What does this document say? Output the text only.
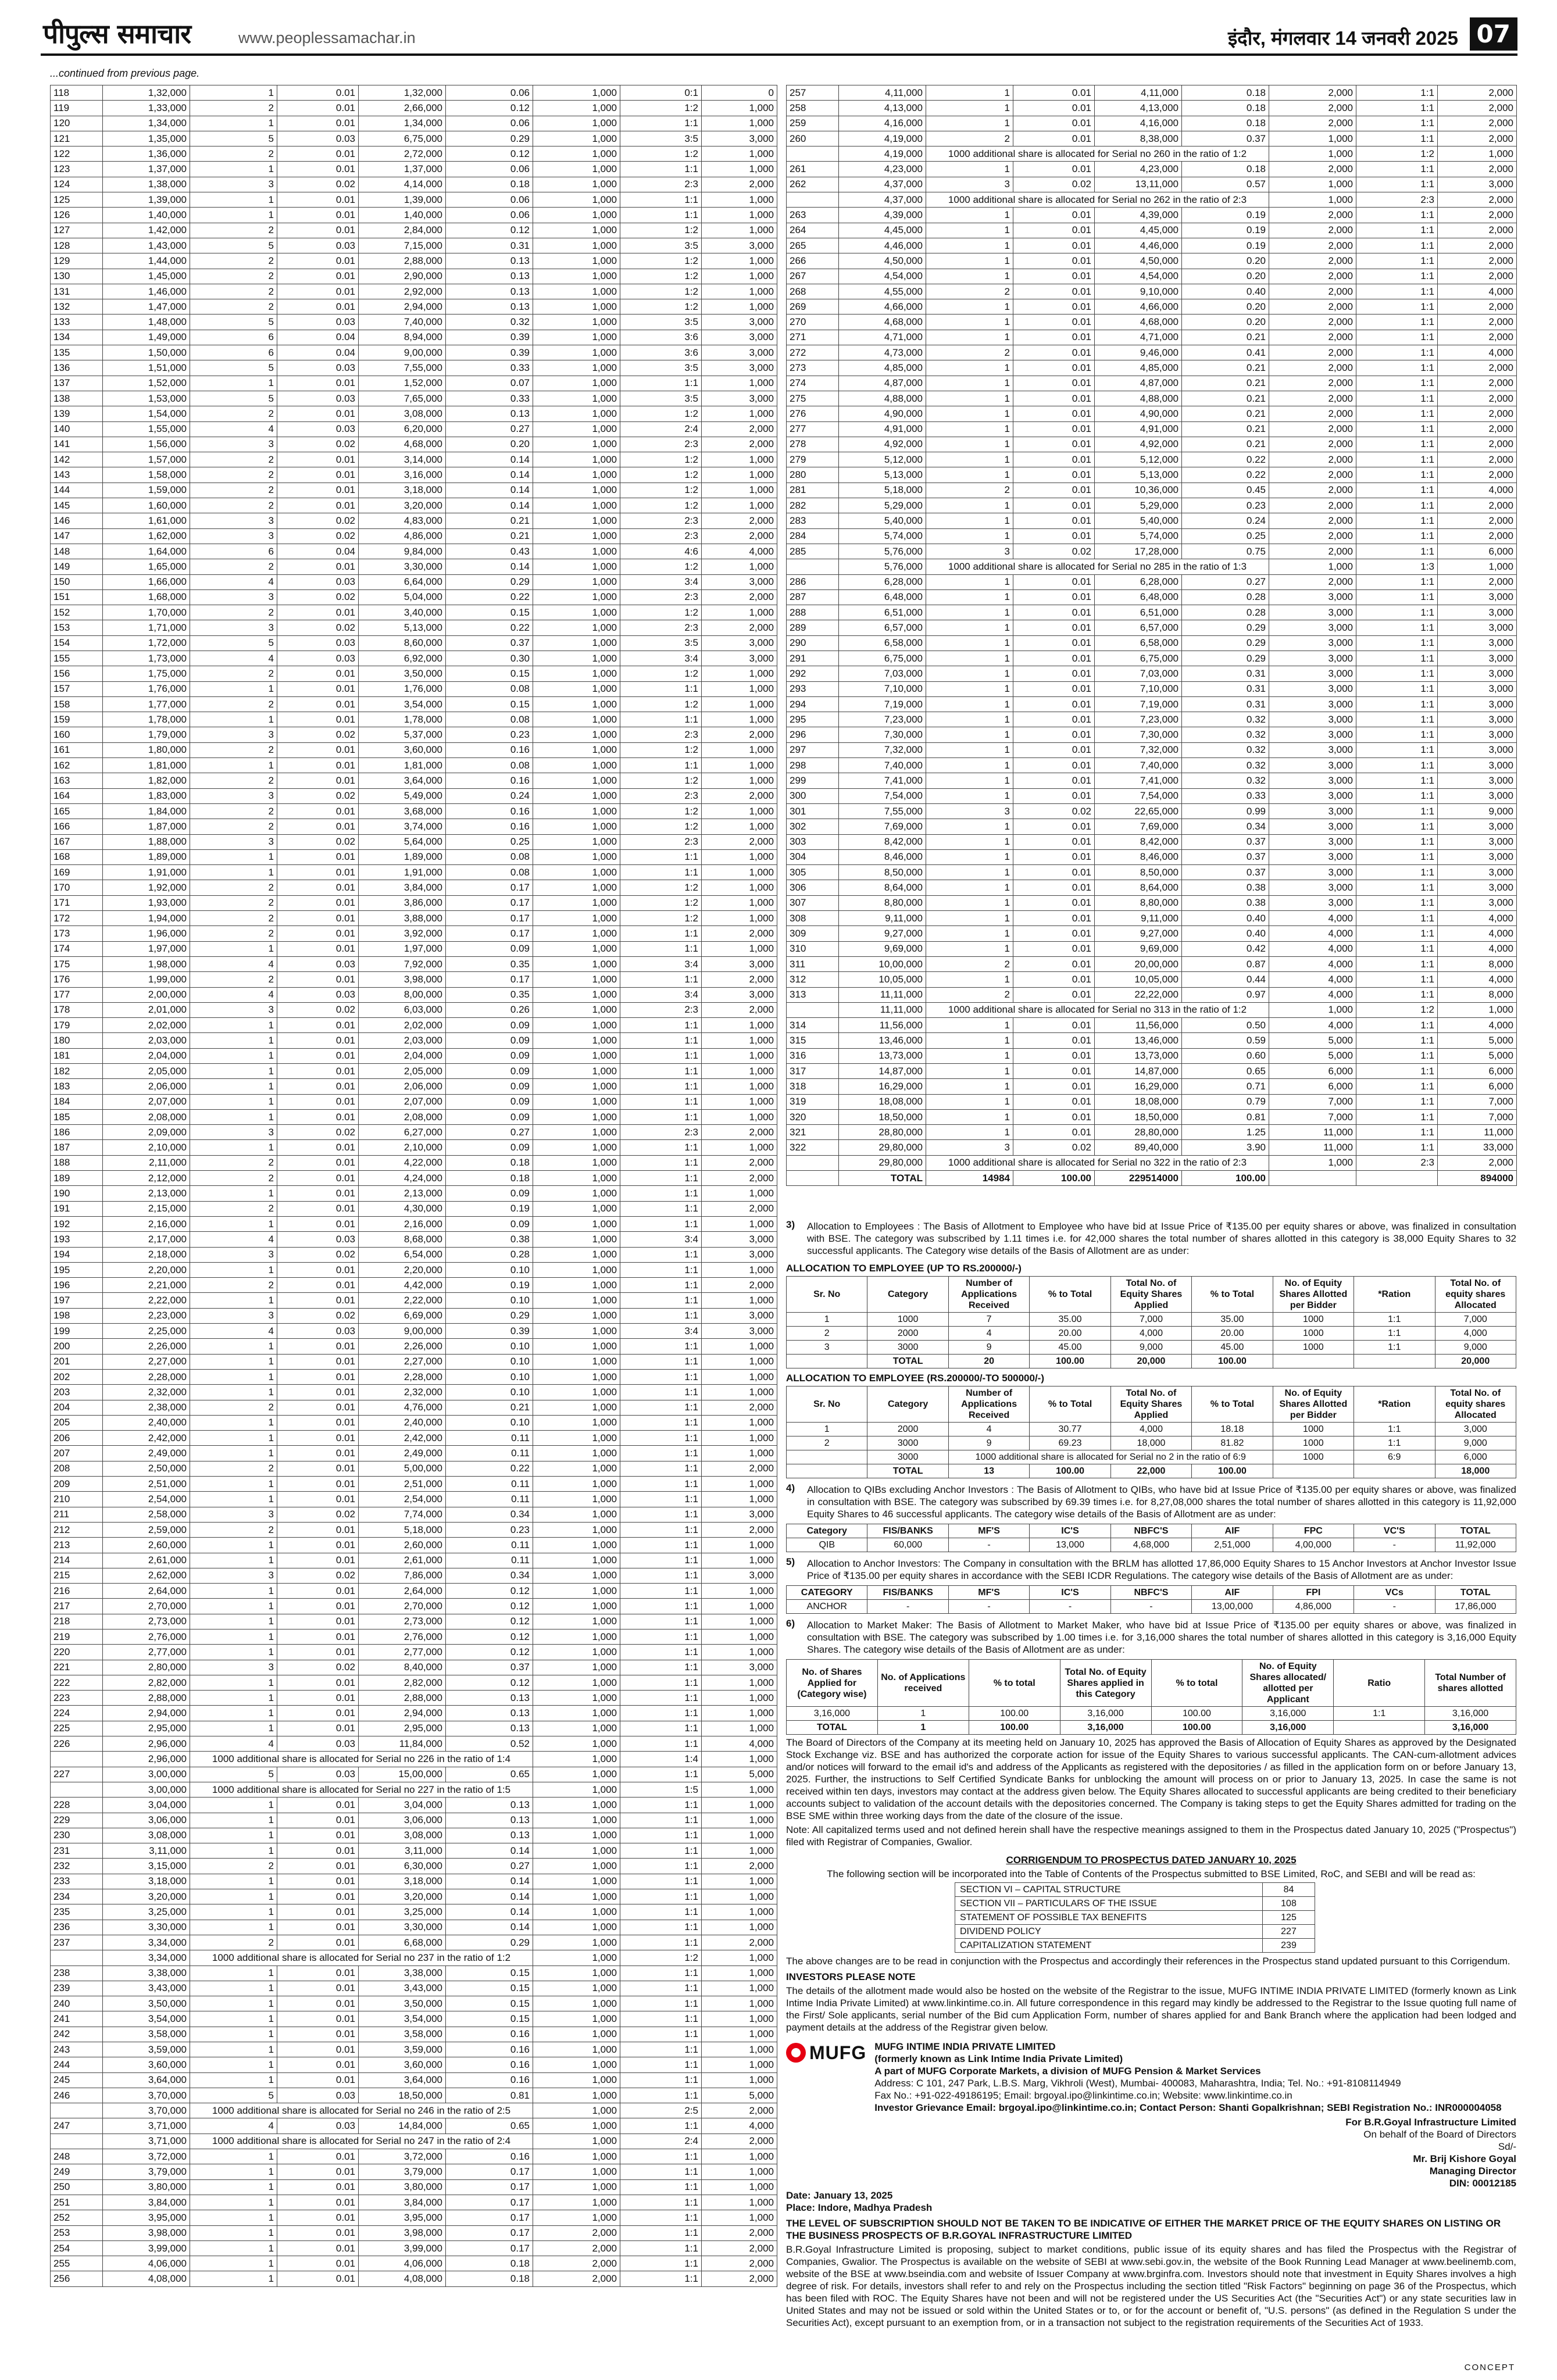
पीपुल्स समाचार	www.peoplessamachar.in	इंदौर, मंगलवार 14 जनवरी 2025 07
...continued from previous page.
118	1,32,000	1	0.01	1,32,000	0.06	1,000	0:1	0
119	1,33,000	2	0.01	2,66,000	0.12	1,000	1:2	1,000
120	1,34,000	1	0.01	1,34,000	0.06	1,000	1:1	1,000
121	1,35,000	5	0.03	6,75,000	0.29	1,000	3:5	3,000
122	1,36,000	2	0.01	2,72,000	0.12	1,000	1:2	1,000
123	1,37,000	1	0.01	1,37,000	0.06	1,000	1:1	1,000
124	1,38,000	3	0.02	4,14,000	0.18	1,000	2:3	2,000
125	1,39,000	1	0.01	1,39,000	0.06	1,000	1:1	1,000
126	1,40,000	1	0.01	1,40,000	0.06	1,000	1:1	1,000
127	1,42,000	2	0.01	2,84,000	0.12	1,000	1:2	1,000
128	1,43,000	5	0.03	7,15,000	0.31	1,000	3:5	3,000
129	1,44,000	2	0.01	2,88,000	0.13	1,000	1:2	1,000
130	1,45,000	2	0.01	2,90,000	0.13	1,000	1:2	1,000
131	1,46,000	2	0.01	2,92,000	0.13	1,000	1:2	1,000
132	1,47,000	2	0.01	2,94,000	0.13	1,000	1:2	1,000
133	1,48,000	5	0.03	7,40,000	0.32	1,000	3:5	3,000
134	1,49,000	6	0.04	8,94,000	0.39	1,000	3:6	3,000
135	1,50,000	6	0.04	9,00,000	0.39	1,000	3:6	3,000
136	1,51,000	5	0.03	7,55,000	0.33	1,000	3:5	3,000
137	1,52,000	1	0.01	1,52,000	0.07	1,000	1:1	1,000
138	1,53,000	5	0.03	7,65,000	0.33	1,000	3:5	3,000
139	1,54,000	2	0.01	3,08,000	0.13	1,000	1:2	1,000
140	1,55,000	4	0.03	6,20,000	0.27	1,000	2:4	2,000
141	1,56,000	3	0.02	4,68,000	0.20	1,000	2:3	2,000
142	1,57,000	2	0.01	3,14,000	0.14	1,000	1:2	1,000
143	1,58,000	2	0.01	3,16,000	0.14	1,000	1:2	1,000
144	1,59,000	2	0.01	3,18,000	0.14	1,000	1:2	1,000
145	1,60,000	2	0.01	3,20,000	0.14	1,000	1:2	1,000
146	1,61,000	3	0.02	4,83,000	0.21	1,000	2:3	2,000
147	1,62,000	3	0.02	4,86,000	0.21	1,000	2:3	2,000
148	1,64,000	6	0.04	9,84,000	0.43	1,000	4:6	4,000
149	1,65,000	2	0.01	3,30,000	0.14	1,000	1:2	1,000
150	1,66,000	4	0.03	6,64,000	0.29	1,000	3:4	3,000
151	1,68,000	3	0.02	5,04,000	0.22	1,000	2:3	2,000
152	1,70,000	2	0.01	3,40,000	0.15	1,000	1:2	1,000
153	1,71,000	3	0.02	5,13,000	0.22	1,000	2:3	2,000
154	1,72,000	5	0.03	8,60,000	0.37	1,000	3:5	3,000
155	1,73,000	4	0.03	6,92,000	0.30	1,000	3:4	3,000
156	1,75,000	2	0.01	3,50,000	0.15	1,000	1:2	1,000
157	1,76,000	1	0.01	1,76,000	0.08	1,000	1:1	1,000
158	1,77,000	2	0.01	3,54,000	0.15	1,000	1:2	1,000
159	1,78,000	1	0.01	1,78,000	0.08	1,000	1:1	1,000
160	1,79,000	3	0.02	5,37,000	0.23	1,000	2:3	2,000
161	1,80,000	2	0.01	3,60,000	0.16	1,000	1:2	1,000
162	1,81,000	1	0.01	1,81,000	0.08	1,000	1:1	1,000
163	1,82,000	2	0.01	3,64,000	0.16	1,000	1:2	1,000
164	1,83,000	3	0.02	5,49,000	0.24	1,000	2:3	2,000
165	1,84,000	2	0.01	3,68,000	0.16	1,000	1:2	1,000
166	1,87,000	2	0.01	3,74,000	0.16	1,000	1:2	1,000
167	1,88,000	3	0.02	5,64,000	0.25	1,000	2:3	2,000
168	1,89,000	1	0.01	1,89,000	0.08	1,000	1:1	1,000
169	1,91,000	1	0.01	1,91,000	0.08	1,000	1:1	1,000
170	1,92,000	2	0.01	3,84,000	0.17	1,000	1:2	1,000
171	1,93,000	2	0.01	3,86,000	0.17	1,000	1:2	1,000
172	1,94,000	2	0.01	3,88,000	0.17	1,000	1:2	1,000
173	1,96,000	2	0.01	3,92,000	0.17	1,000	1:1	2,000
174	1,97,000	1	0.01	1,97,000	0.09	1,000	1:1	1,000
175	1,98,000	4	0.03	7,92,000	0.35	1,000	3:4	3,000
176	1,99,000	2	0.01	3,98,000	0.17	1,000	1:1	2,000
177	2,00,000	4	0.03	8,00,000	0.35	1,000	3:4	3,000
178	2,01,000	3	0.02	6,03,000	0.26	1,000	2:3	2,000
179	2,02,000	1	0.01	2,02,000	0.09	1,000	1:1	1,000
180	2,03,000	1	0.01	2,03,000	0.09	1,000	1:1	1,000
181	2,04,000	1	0.01	2,04,000	0.09	1,000	1:1	1,000
182	2,05,000	1	0.01	2,05,000	0.09	1,000	1:1	1,000
183	2,06,000	1	0.01	2,06,000	0.09	1,000	1:1	1,000
184	2,07,000	1	0.01	2,07,000	0.09	1,000	1:1	1,000
185	2,08,000	1	0.01	2,08,000	0.09	1,000	1:1	1,000
186	2,09,000	3	0.02	6,27,000	0.27	1,000	2:3	2,000
187	2,10,000	1	0.01	2,10,000	0.09	1,000	1:1	1,000
188	2,11,000	2	0.01	4,22,000	0.18	1,000	1:1	2,000
189	2,12,000	2	0.01	4,24,000	0.18	1,000	1:1	2,000
190	2,13,000	1	0.01	2,13,000	0.09	1,000	1:1	1,000
191	2,15,000	2	0.01	4,30,000	0.19	1,000	1:1	2,000
192	2,16,000	1	0.01	2,16,000	0.09	1,000	1:1	1,000
193	2,17,000	4	0.03	8,68,000	0.38	1,000	3:4	3,000
194	2,18,000	3	0.02	6,54,000	0.28	1,000	1:1	3,000
195	2,20,000	1	0.01	2,20,000	0.10	1,000	1:1	1,000
196	2,21,000	2	0.01	4,42,000	0.19	1,000	1:1	2,000
197	2,22,000	1	0.01	2,22,000	0.10	1,000	1:1	1,000
198	2,23,000	3	0.02	6,69,000	0.29	1,000	1:1	3,000
199	2,25,000	4	0.03	9,00,000	0.39	1,000	3:4	3,000
200	2,26,000	1	0.01	2,26,000	0.10	1,000	1:1	1,000
201	2,27,000	1	0.01	2,27,000	0.10	1,000	1:1	1,000
202	2,28,000	1	0.01	2,28,000	0.10	1,000	1:1	1,000
203	2,32,000	1	0.01	2,32,000	0.10	1,000	1:1	1,000
204	2,38,000	2	0.01	4,76,000	0.21	1,000	1:1	2,000
205	2,40,000	1	0.01	2,40,000	0.10	1,000	1:1	1,000
206	2,42,000	1	0.01	2,42,000	0.11	1,000	1:1	1,000
207	2,49,000	1	0.01	2,49,000	0.11	1,000	1:1	1,000
208	2,50,000	2	0.01	5,00,000	0.22	1,000	1:1	2,000
209	2,51,000	1	0.01	2,51,000	0.11	1,000	1:1	1,000
210	2,54,000	1	0.01	2,54,000	0.11	1,000	1:1	1,000
211	2,58,000	3	0.02	7,74,000	0.34	1,000	1:1	3,000
212	2,59,000	2	0.01	5,18,000	0.23	1,000	1:1	2,000
213	2,60,000	1	0.01	2,60,000	0.11	1,000	1:1	1,000
214	2,61,000	1	0.01	2,61,000	0.11	1,000	1:1	1,000
215	2,62,000	3	0.02	7,86,000	0.34	1,000	1:1	3,000
216	2,64,000	1	0.01	2,64,000	0.12	1,000	1:1	1,000
217	2,70,000	1	0.01	2,70,000	0.12	1,000	1:1	1,000
218	2,73,000	1	0.01	2,73,000	0.12	1,000	1:1	1,000
219	2,76,000	1	0.01	2,76,000	0.12	1,000	1:1	1,000
220	2,77,000	1	0.01	2,77,000	0.12	1,000	1:1	1,000
221	2,80,000	3	0.02	8,40,000	0.37	1,000	1:1	3,000
222	2,82,000	1	0.01	2,82,000	0.12	1,000	1:1	1,000
223	2,88,000	1	0.01	2,88,000	0.13	1,000	1:1	1,000
224	2,94,000	1	0.01	2,94,000	0.13	1,000	1:1	1,000
225	2,95,000	1	0.01	2,95,000	0.13	1,000	1:1	1,000
226	2,96,000	4	0.03	11,84,000	0.52	1,000	1:1	4,000
	2,96,000	1000 additional share is allocated for Serial no 226 in the ratio of 1:4				1,000	1:4	1,000
227	3,00,000	5	0.03	15,00,000	0.65	1,000	1:1	5,000
	3,00,000	1000 additional share is allocated for Serial no 227 in the ratio of 1:5				1,000	1:5	1,000
228	3,04,000	1	0.01	3,04,000	0.13	1,000	1:1	1,000
229	3,06,000	1	0.01	3,06,000	0.13	1,000	1:1	1,000
230	3,08,000	1	0.01	3,08,000	0.13	1,000	1:1	1,000
231	3,11,000	1	0.01	3,11,000	0.14	1,000	1:1	1,000
232	3,15,000	2	0.01	6,30,000	0.27	1,000	1:1	2,000
233	3,18,000	1	0.01	3,18,000	0.14	1,000	1:1	1,000
234	3,20,000	1	0.01	3,20,000	0.14	1,000	1:1	1,000
235	3,25,000	1	0.01	3,25,000	0.14	1,000	1:1	1,000
236	3,30,000	1	0.01	3,30,000	0.14	1,000	1:1	1,000
237	3,34,000	2	0.01	6,68,000	0.29	1,000	1:1	2,000
	3,34,000	1000 additional share is allocated for Serial no 237 in the ratio of 1:2				1,000	1:2	1,000
238	3,38,000	1	0.01	3,38,000	0.15	1,000	1:1	1,000
239	3,43,000	1	0.01	3,43,000	0.15	1,000	1:1	1,000
240	3,50,000	1	0.01	3,50,000	0.15	1,000	1:1	1,000
241	3,54,000	1	0.01	3,54,000	0.15	1,000	1:1	1,000
242	3,58,000	1	0.01	3,58,000	0.16	1,000	1:1	1,000
243	3,59,000	1	0.01	3,59,000	0.16	1,000	1:1	1,000
244	3,60,000	1	0.01	3,60,000	0.16	1,000	1:1	1,000
245	3,64,000	1	0.01	3,64,000	0.16	1,000	1:1	1,000
246	3,70,000	5	0.03	18,50,000	0.81	1,000	1:1	5,000
	3,70,000	1000 additional share is allocated for Serial no 246 in the ratio of 2:5				1,000	2:5	2,000
247	3,71,000	4	0.03	14,84,000	0.65	1,000	1:1	4,000
	3,71,000	1000 additional share is allocated for Serial no 247 in the ratio of 2:4				1,000	2:4	2,000
248	3,72,000	1	0.01	3,72,000	0.16	1,000	1:1	1,000
249	3,79,000	1	0.01	3,79,000	0.17	1,000	1:1	1,000
250	3,80,000	1	0.01	3,80,000	0.17	1,000	1:1	1,000
251	3,84,000	1	0.01	3,84,000	0.17	1,000	1:1	1,000
252	3,95,000	1	0.01	3,95,000	0.17	1,000	1:1	1,000
253	3,98,000	1	0.01	3,98,000	0.17	2,000	1:1	2,000
254	3,99,000	1	0.01	3,99,000	0.17	2,000	1:1	2,000
255	4,06,000	1	0.01	4,06,000	0.18	2,000	1:1	2,000
256	4,08,000	1	0.01	4,08,000	0.18	2,000	1:1	2,000
257	4,11,000	1	0.01	4,11,000	0.18	2,000	1:1	2,000
258	4,13,000	1	0.01	4,13,000	0.18	2,000	1:1	2,000
259	4,16,000	1	0.01	4,16,000	0.18	2,000	1:1	2,000
260	4,19,000	2	0.01	8,38,000	0.37	1,000	1:1	2,000
	4,19,000	1000 additional share is allocated for Serial no 260 in the ratio of 1:2				1,000	1:2	1,000
261	4,23,000	1	0.01	4,23,000	0.18	2,000	1:1	2,000
262	4,37,000	3	0.02	13,11,000	0.57	1,000	1:1	3,000
	4,37,000	1000 additional share is allocated for Serial no 262 in the ratio of 2:3				1,000	2:3	2,000
263	4,39,000	1	0.01	4,39,000	0.19	2,000	1:1	2,000
264	4,45,000	1	0.01	4,45,000	0.19	2,000	1:1	2,000
265	4,46,000	1	0.01	4,46,000	0.19	2,000	1:1	2,000
266	4,50,000	1	0.01	4,50,000	0.20	2,000	1:1	2,000
267	4,54,000	1	0.01	4,54,000	0.20	2,000	1:1	2,000
268	4,55,000	2	0.01	9,10,000	0.40	2,000	1:1	4,000
269	4,66,000	1	0.01	4,66,000	0.20	2,000	1:1	2,000
270	4,68,000	1	0.01	4,68,000	0.20	2,000	1:1	2,000
271	4,71,000	1	0.01	4,71,000	0.21	2,000	1:1	2,000
272	4,73,000	2	0.01	9,46,000	0.41	2,000	1:1	4,000
273	4,85,000	1	0.01	4,85,000	0.21	2,000	1:1	2,000
274	4,87,000	1	0.01	4,87,000	0.21	2,000	1:1	2,000
275	4,88,000	1	0.01	4,88,000	0.21	2,000	1:1	2,000
276	4,90,000	1	0.01	4,90,000	0.21	2,000	1:1	2,000
277	4,91,000	1	0.01	4,91,000	0.21	2,000	1:1	2,000
278	4,92,000	1	0.01	4,92,000	0.21	2,000	1:1	2,000
279	5,12,000	1	0.01	5,12,000	0.22	2,000	1:1	2,000
280	5,13,000	1	0.01	5,13,000	0.22	2,000	1:1	2,000
281	5,18,000	2	0.01	10,36,000	0.45	2,000	1:1	4,000
282	5,29,000	1	0.01	5,29,000	0.23	2,000	1:1	2,000
283	5,40,000	1	0.01	5,40,000	0.24	2,000	1:1	2,000
284	5,74,000	1	0.01	5,74,000	0.25	2,000	1:1	2,000
285	5,76,000	3	0.02	17,28,000	0.75	2,000	1:1	6,000
	5,76,000	1000 additional share is allocated for Serial no 285 in the ratio of 1:3				1,000	1:3	1,000
286	6,28,000	1	0.01	6,28,000	0.27	2,000	1:1	2,000
287	6,48,000	1	0.01	6,48,000	0.28	3,000	1:1	3,000
288	6,51,000	1	0.01	6,51,000	0.28	3,000	1:1	3,000
289	6,57,000	1	0.01	6,57,000	0.29	3,000	1:1	3,000
290	6,58,000	1	0.01	6,58,000	0.29	3,000	1:1	3,000
291	6,75,000	1	0.01	6,75,000	0.29	3,000	1:1	3,000
292	7,03,000	1	0.01	7,03,000	0.31	3,000	1:1	3,000
293	7,10,000	1	0.01	7,10,000	0.31	3,000	1:1	3,000
294	7,19,000	1	0.01	7,19,000	0.31	3,000	1:1	3,000
295	7,23,000	1	0.01	7,23,000	0.32	3,000	1:1	3,000
296	7,30,000	1	0.01	7,30,000	0.32	3,000	1:1	3,000
297	7,32,000	1	0.01	7,32,000	0.32	3,000	1:1	3,000
298	7,40,000	1	0.01	7,40,000	0.32	3,000	1:1	3,000
299	7,41,000	1	0.01	7,41,000	0.32	3,000	1:1	3,000
300	7,54,000	1	0.01	7,54,000	0.33	3,000	1:1	3,000
301	7,55,000	3	0.02	22,65,000	0.99	3,000	1:1	9,000
302	7,69,000	1	0.01	7,69,000	0.34	3,000	1:1	3,000
303	8,42,000	1	0.01	8,42,000	0.37	3,000	1:1	3,000
304	8,46,000	1	0.01	8,46,000	0.37	3,000	1:1	3,000
305	8,50,000	1	0.01	8,50,000	0.37	3,000	1:1	3,000
306	8,64,000	1	0.01	8,64,000	0.38	3,000	1:1	3,000
307	8,80,000	1	0.01	8,80,000	0.38	3,000	1:1	3,000
308	9,11,000	1	0.01	9,11,000	0.40	4,000	1:1	4,000
309	9,27,000	1	0.01	9,27,000	0.40	4,000	1:1	4,000
310	9,69,000	1	0.01	9,69,000	0.42	4,000	1:1	4,000
311	10,00,000	2	0.01	20,00,000	0.87	4,000	1:1	8,000
312	10,05,000	1	0.01	10,05,000	0.44	4,000	1:1	4,000
313	11,11,000	2	0.01	22,22,000	0.97	4,000	1:1	8,000
	11,11,000	1000 additional share is allocated for Serial no 313 in the ratio of 1:2				1,000	1:2	1,000
314	11,56,000	1	0.01	11,56,000	0.50	4,000	1:1	4,000
315	13,46,000	1	0.01	13,46,000	0.59	5,000	1:1	5,000
316	13,73,000	1	0.01	13,73,000	0.60	5,000	1:1	5,000
317	14,87,000	1	0.01	14,87,000	0.65	6,000	1:1	6,000
318	16,29,000	1	0.01	16,29,000	0.71	6,000	1:1	6,000
319	18,08,000	1	0.01	18,08,000	0.79	7,000	1:1	7,000
320	18,50,000	1	0.01	18,50,000	0.81	7,000	1:1	7,000
321	28,80,000	1	0.01	28,80,000	1.25	11,000	1:1	11,000
322	29,80,000	3	0.02	89,40,000	3.90	11,000	1:1	33,000
	29,80,000	1000 additional share is allocated for Serial no 322 in the ratio of 2:3				1,000	2:3	2,000
	TOTAL	14984	100.00	229514000	100.00			894000
3)	Allocation to Employees : The Basis of Allotment to Employee who have bid at Issue Price of ₹135.00 per equity shares or above, was finalized in consultation with BSE. The category was subscribed by 1.11 times i.e. for 42,000 shares the total number of shares allotted in this category is 38,000 Equity Shares to 32 successful applicants. The Category wise details of the Basis of Allotment are as under:

ALLOCATION TO EMPLOYEE (UP TO RS.200000/-)
Sr. No	Category	Number of Applications Received	% to Total	Total No. of Equity Shares Applied	% to Total	No. of Equity Shares Allotted per Bidder	*Ration	Total No. of equity shares Allocated
1	1000	7	35.00	7,000	35.00	1000	1:1	7,000
2	2000	4	20.00	4,000	20.00	1000	1:1	4,000
3	3000	9	45.00	9,000	45.00	1000	1:1	9,000
	TOTAL	20	100.00	20,000	100.00			20,000
ALLOCATION TO EMPLOYEE (RS.200000/-TO 500000/-)
Sr. No	Category	Number of Applications Received	% to Total	Total No. of Equity Shares Applied	% to Total	No. of Equity Shares Allotted per Bidder	*Ration	Total No. of equity shares Allocated
1	2000	4	30.77	4,000	18.18	1000	1:1	3,000
2	3000	9	69.23	18,000	81.82	1000	1:1	9,000
	3000	1000 additional share is allocated for Serial no 2 in the ratio of 6:9				1000	6:9	6,000
	TOTAL	13	100.00	22,000	100.00			18,000
4)	Allocation to QIBs excluding Anchor Investors : The Basis of Allotment to QIBs, who have bid at Issue Price of ₹135.00 per equity shares or above, was finalized in consultation with BSE. The category was subscribed by 69.39 times i.e. for 8,27,08,000 shares the total number of shares allotted in this category is 11,92,000 Equity Shares to 46 successful applicants. The category wise details of the Basis of Allotment are as under:

Category	FIS/BANKS	MF'S	IC'S	NBFC'S	AIF	FPC	VC'S	TOTAL
QIB	60,000	-	13,000	4,68,000	2,51,000	4,00,000	-	11,92,000
5)	Allocation to Anchor Investors: The Company in consultation with the BRLM has allotted 17,86,000 Equity Shares to 15 Anchor Investors at Anchor Investor Issue Price of ₹135.00 per equity shares in accordance with the SEBI ICDR Regulations. The category wise details of the Basis of Allotment are as under:

CATEGORY	FIS/BANKS	MF'S	IC'S	NBFC'S	AIF	FPI	VCs	TOTAL
ANCHOR	-	-	-	-	13,00,000	4,86,000	-	17,86,000
6)	Allocation to Market Maker: The Basis of Allotment to Market Maker, who have bid at Issue Price of ₹135.00 per equity shares or above, was finalized in consultation with BSE. The category was subscribed by 1.00 times i.e. for 3,16,000 shares the total number of shares allotted in this category is 3,16,000 Equity Shares. The category wise details of the Basis of Allotment are as under:

No. of Shares Applied for (Category wise)	No. of Applications received	% to total	Total No. of Equity Shares applied in this Category	% to total	No. of Equity Shares allocated/ allotted per Applicant	Ratio	Total Number of shares allotted
3,16,000	1	100.00	3,16,000	100.00	3,16,000	1:1	3,16,000
TOTAL	1	100.00	3,16,000	100.00	3,16,000		3,16,000

The Board of Directors of the Company at its meeting held on January 10, 2025 has approved the Basis of Allocation of Equity Shares as approved by the Designated Stock Exchange viz. BSE and has authorized the corporate action for issue of the Equity Shares to various successful applicants. The CAN-cum-allotment advices and/or notices will forward to the email id's and address of the Applicants as registered with the depositories / as filled in the application form on or before January 13, 2025. Further, the instructions to Self Certified Syndicate Banks for unblocking the amount will process on or prior to January 13, 2025. In case the same is not received within ten days, investors may contact at the address given below. The Equity Shares allocated to successful applicants are being credited to their beneficiary accounts subject to validation of the account details with the depositories concerned. The Company is taking steps to get the Equity Shares admitted for trading on the BSE SME within three working days from the date of the closure of the issue.

Note: All capitalized terms used and not defined herein shall have the respective meanings assigned to them in the Prospectus dated January 10, 2025 ("Prospectus") filed with Registrar of Companies, Gwalior.

CORRIGENDUM TO PROSPECTUS DATED JANUARY 10, 2025

The following section will be incorporated into the Table of Contents of the Prospectus submitted to BSE Limited, RoC, and SEBI and will be read as:

SECTION VI – CAPITAL STRUCTURE	84
SECTION VII – PARTICULARS OF THE ISSUE	108
STATEMENT OF POSSIBLE TAX BENEFITS	125
DIVIDEND POLICY	227
CAPITALIZATION STATEMENT	239

The above changes are to be read in conjunction with the Prospectus and accordingly their references in the Prospectus stand updated pursuant to this Corrigendum.

INVESTORS PLEASE NOTE

The details of the allotment made would also be hosted on the website of the Registrar to the issue, MUFG INTIME INDIA PRIVATE LIMITED (formerly known as Link Intime India Private Limited) at www.linkintime.co.in. All future correspondence in this regard may kindly be addressed to the Registrar to the Issue quoting full name of the First/ Sole applicants, serial number of the Bid cum Application Form, number of shares applied for and Bank Branch where the application had been lodged and payment details at the address of the Registrar given below.

MUFG MUFG INTIME INDIA PRIVATE LIMITED
(formerly known as Link Intime India Private Limited)
A part of MUFG Corporate Markets, a division of MUFG Pension & Market Services
Address: C 101, 247 Park, L.B.S. Marg, Vikhroli (West), Mumbai- 400083, Maharashtra, India; Tel. No.: +91-8108114949
Fax No.: +91-022-49186195; Email: brgoyal.ipo@linkintime.co.in; Website: www.linkintime.co.in
Investor Grievance Email: brgoyal.ipo@linkintime.co.in; Contact Person: Shanti Gopalkrishnan; SEBI Registration No.: INR000004058
For B.R.Goyal Infrastructure Limited
On behalf of the Board of Directors
Sd/-
Mr. Brij Kishore Goyal
Managing Director
DIN: 00012185
Date: January 13, 2025
Place: Indore, Madhya Pradesh
THE LEVEL OF SUBSCRIPTION SHOULD NOT BE TAKEN TO BE INDICATIVE OF EITHER THE MARKET PRICE OF THE EQUITY SHARES ON LISTING OR THE BUSINESS PROSPECTS OF B.R.GOYAL INFRASTRUCTURE LIMITED

B.R.Goyal Infrastructure Limited is proposing, subject to market conditions, public issue of its equity shares and has filed the Prospectus with the Registrar of Companies, Gwalior. The Prospectus is available on the website of SEBI at www.sebi.gov.in, the website of the Book Running Lead Manager at www.beelinemb.com, website of the BSE at www.bseindia.com and website of Issuer Company at www.brginfra.com. Investors should note that investment in Equity Shares involves a high degree of risk. For details, investors shall refer to and rely on the Prospectus including the section titled "Risk Factors" beginning on page 36 of the Prospectus, which has been filed with ROC. The Equity Shares have not been and will not be registered under the US Securities Act (the "Securities Act") or any state securities law in United States and may not be issued or sold within the United States or to, or for the account or benefit of, "U.S. persons" (as defined in the Regulation S under the Securities Act), except pursuant to an exemption from, or in a transaction not subject to the registration requirements of the Securities Act of 1933.

CONCEPT
